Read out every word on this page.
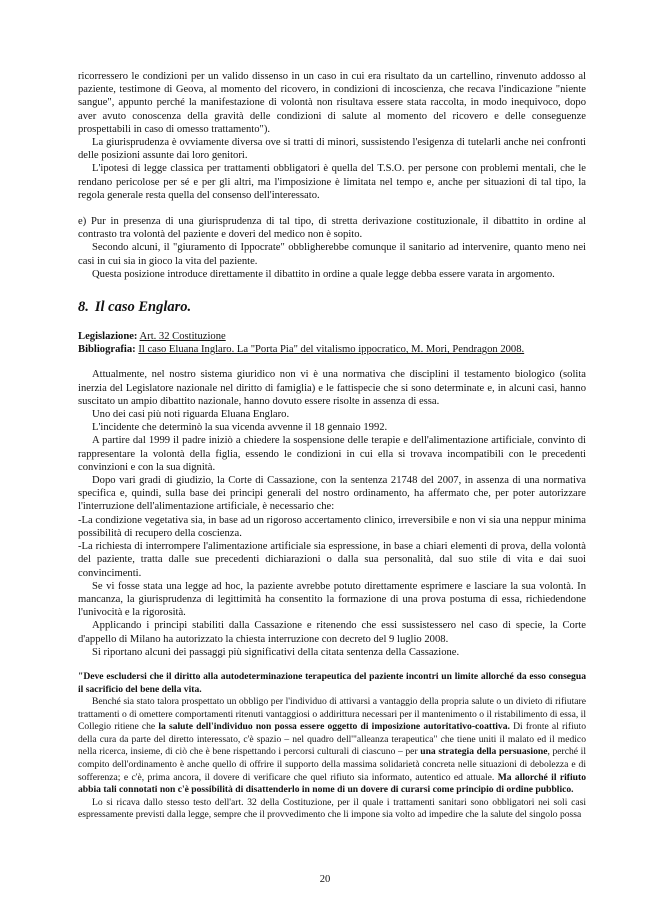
ricorressero le condizioni per un valido dissenso in un caso in cui era risultato da un cartellino, rinvenuto addosso al paziente, testimone di Geova, al momento del ricovero, in condizioni di incoscienza, che recava l'indicazione "niente sangue", appunto perché la manifestazione di volontà non risultava essere stata raccolta, in modo inequivoco, dopo aver avuto conoscenza della gravità delle condizioni di salute al momento del ricovero e delle conseguenze prospettabili in caso di omesso trattamento").

La giurisprudenza è ovviamente diversa ove si tratti di minori, sussistendo l'esigenza di tutelarli anche nei confronti delle posizioni assunte dai loro genitori.

L'ipotesi di legge classica per trattamenti obbligatori è quella del T.S.O. per persone con problemi mentali, che le rendano pericolose per sé e per gli altri, ma l'imposizione è limitata nel tempo e, anche per situazioni di tal tipo, la regola generale resta quella del consenso dell'interessato.

e) Pur in presenza di una giurisprudenza di tal tipo, di stretta derivazione costituzionale, il dibattito in ordine al contrasto tra volontà del paziente e doveri del medico non è sopito.

Secondo alcuni, il "giuramento di Ippocrate" obbligherebbe comunque il sanitario ad intervenire, quanto meno nei casi in cui sia in gioco la vita del paziente.

Questa posizione introduce direttamente il dibattito in ordine a quale legge debba essere varata in argomento.

8. Il caso Englaro.
Legislazione: Art. 32 Costituzione
Bibliografia: Il caso Eluana Inglaro. La "Porta Pia" del vitalismo ippocratico, M. Mori, Pendragon 2008.

Attualmente, nel nostro sistema giuridico non vi è una normativa che disciplini il testamento biologico (solita inerzia del Legislatore nazionale nel diritto di famiglia) e le fattispecie che si sono determinate e, in alcuni casi, hanno suscitato un ampio dibattito nazionale, hanno dovuto essere risolte in assenza di essa.

Uno dei casi più noti riguarda Eluana Englaro.

L'incidente che determinò la sua vicenda avvenne il 18 gennaio 1992.

A partire dal 1999 il padre iniziò a chiedere la sospensione delle terapie e dell'alimentazione artificiale, convinto di rappresentare la volontà della figlia, essendo le condizioni in cui ella si trovava incompatibili con le precedenti convinzioni e con la sua dignità.

Dopo vari gradi di giudizio, la Corte di Cassazione, con la sentenza 21748 del 2007, in assenza di una normativa specifica e, quindi, sulla base dei principi generali del nostro ordinamento, ha affermato che, per poter autorizzare l'interruzione dell'alimentazione artificiale, è necessario che:

-La condizione vegetativa sia, in base ad un rigoroso accertamento clinico, irreversibile e non vi sia una neppur minima possibilità di recupero della coscienza.

-La richiesta di interrompere l'alimentazione artificiale sia espressione, in base a chiari elementi di prova, della volontà del paziente, tratta dalle sue precedenti dichiarazioni o dalla sua personalità, dal suo stile di vita e dai suoi convincimenti.

Se vi fosse stata una legge ad hoc, la paziente avrebbe potuto direttamente esprimere e lasciare la sua volontà. In mancanza, la giurisprudenza di legittimità ha consentito la formazione di una prova postuma di essa, richiedendone l'univocità e la rigorosità.

Applicando i principi stabiliti dalla Cassazione e ritenendo che essi sussistessero nel caso di specie, la Corte d'appello di Milano ha autorizzato la chiesta interruzione con decreto del 9 luglio 2008.

Si riportano alcuni dei passaggi più significativi della citata sentenza della Cassazione.

"Deve escludersi che il diritto alla autodeterminazione terapeutica del paziente incontri un limite allorché da esso consegua il sacrificio del bene della vita.

Benché sia stato talora prospettato un obbligo per l'individuo di attivarsi a vantaggio della propria salute o un divieto di rifiutare trattamenti o di omettere comportamenti ritenuti vantaggiosi o addirittura necessari per il mantenimento o il ristabilimento di essa, il Collegio ritiene che la salute dell'individuo non possa essere oggetto di imposizione autoritativo-coattiva. Di fronte al rifiuto della cura da parte del diretto interessato, c'è spazio – nel quadro dell'"alleanza terapeutica" che tiene uniti il malato ed il medico nella ricerca, insieme, di ciò che è bene rispettando i percorsi culturali di ciascuno – per una strategia della persuasione, perché il compito dell'ordinamento è anche quello di offrire il supporto della massima solidarietà concreta nelle situazioni di debolezza e di sofferenza; e c'è, prima ancora, il dovere di verificare che quel rifiuto sia informato, autentico ed attuale. Ma allorché il rifiuto abbia tali connotati non c'è possibilità di disattenderlo in nome di un dovere di curarsi come principio di ordine pubblico.

Lo si ricava dallo stesso testo dell'art. 32 della Costituzione, per il quale i trattamenti sanitari sono obbligatori nei soli casi espressamente previsti dalla legge, sempre che il provvedimento che li impone sia volto ad impedire che la salute del singolo possa

20
